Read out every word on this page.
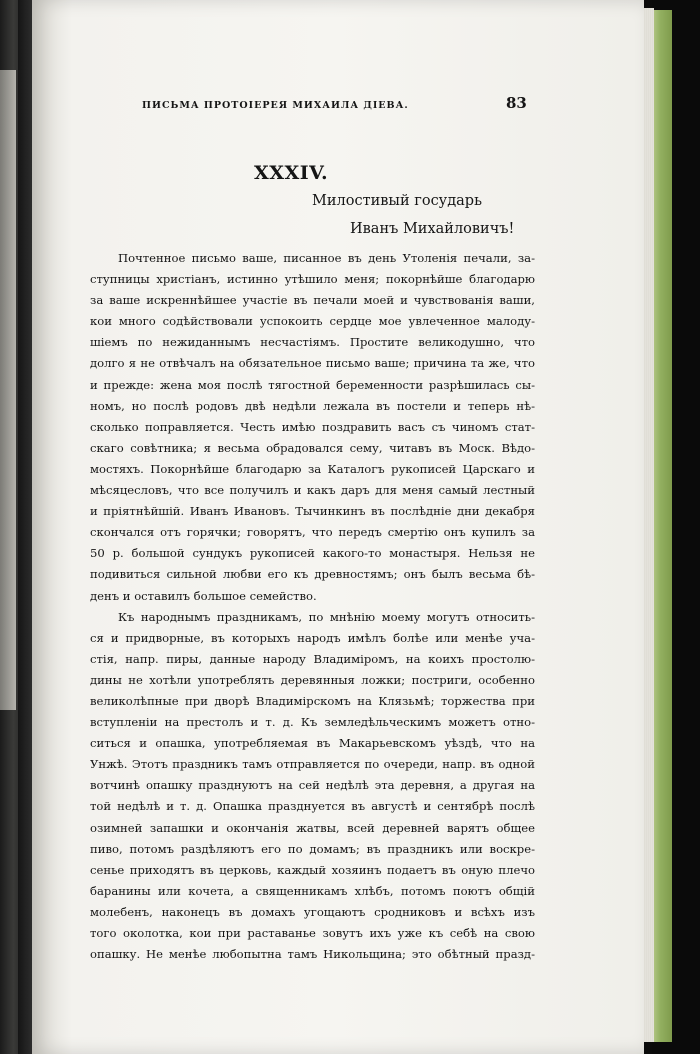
ПИСЬМА ПРОТОІЕРЕЯ МИХАИЛА ДІЕВА.	83
XXXIV.
Милостивый государь
Иванъ Михайловичъ!
Почтенное письмо ваше, писанное въ день Утоленія печали, за-
ступницы христіанъ, истинно утѣшило меня; покорнѣйше благодарю
за ваше искреннѣйшее участіе въ печали моей и чувствованія ваши,
кои много содѣйствовали успокоить сердце мое увлеченное малоду-
шіемъ по нежиданнымъ несчастіямъ. Простите великодушно, что
долго я не отвѣчалъ на обязательное письмо ваше; причина та же, что
и прежде: жена моя послѣ тягостной беременности разрѣшилась сы-
номъ, но послѣ родовъ двѣ недѣли лежала въ постели и теперь нѣ-
сколько поправляется. Честь имѣю поздравить васъ съ чиномъ стат-
скаго совѣтника; я весьма обрадовался сему, читавъ въ Моск. Вѣдо-
мостяхъ. Покорнѣйше благодарю за Каталогъ рукописей Царскаго и
мѣсяцесловъ, что все получилъ и какъ даръ для меня самый лестный
и пріятнѣйшій. Иванъ Ивановъ. Тычинкинъ въ послѣдніе дни декабря
скончался отъ горячки; говорятъ, что передъ смертію онъ купилъ за
50 р. большой сундукъ рукописей какого-то монастыря. Нельзя не
подивиться сильной любви его къ древностямъ; онъ былъ весьма бѣ-
денъ и оставилъ большое семейство.
Къ народнымъ праздникамъ, по мнѣнію моему могутъ относить-
ся и придворные, въ которыхъ народъ имѣлъ болѣе или менѣе уча-
стія, напр. пиры, данные народу Владиміромъ, на коихъ простолю-
дины не хотѣли употреблять деревянныя ложки; постриги, особенно
великолѣпные при дворѣ Владимірскомъ на Клязьмѣ; торжества при
вступленіи на престолъ и т. д. Къ земледѣльческимъ можетъ отно-
ситься и опашка, употребляемая въ Макарьевскомъ уѣздѣ, что на
Унжѣ. Этотъ праздникъ тамъ отправляется по очереди, напр. въ одной
вотчинѣ опашку празднуютъ на сей недѣлѣ эта деревня, а другая на
той недѣлѣ и т. д. Опашка празднуется въ августѣ и сентябрѣ послѣ
озимней запашки и окончанія жатвы, всей деревней варятъ общее
пиво, потомъ раздѣляютъ его по домамъ; въ праздникъ или воскре-
сенье приходятъ въ церковь, каждый хозяинъ подаетъ въ оную плечо
баранины или кочета, а священникамъ хлѣбъ, потомъ поютъ общій
молебенъ, наконецъ въ домахъ угощаютъ сродниковъ и всѣхъ изъ
того околотка, кои при раставанье зовутъ ихъ уже къ себѣ на свою
опашку. Не менѣе любопытна тамъ Никольщина; это обѣтный празд-
